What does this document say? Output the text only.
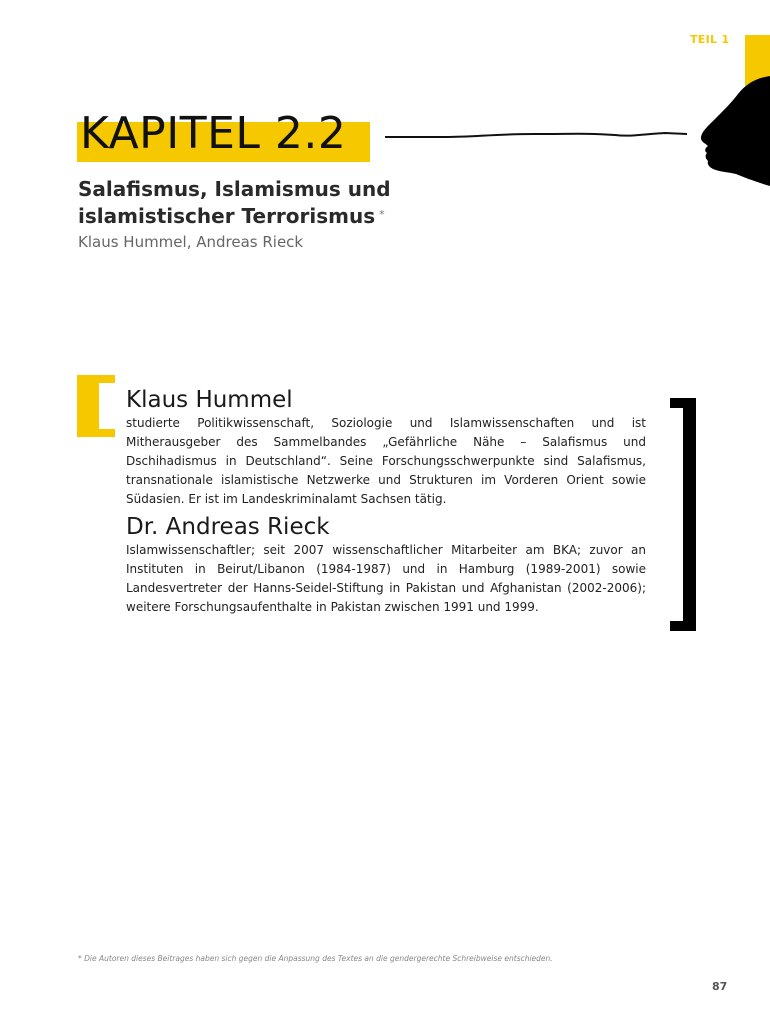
TEIL 1
KAPITEL 2.2
Salafismus, Islamismus und
islamistischer Terrorismus *
Klaus Hummel, Andreas Rieck
Klaus Hummel

studierte Politikwissenschaft, Soziologie und Islamwissenschaften und ist Mitherausgeber des Sammelbandes „Gefährliche Nähe – Salafismus und Dschihadismus in Deutschland“. Seine Forschungsschwerpunkte sind Salafismus, transnationale islamistische Netzwerke und Strukturen im Vorderen Orient sowie Südasien. Er ist im Landeskriminalamt Sachsen tätig.

Dr. Andreas Rieck

Islamwissenschaftler; seit 2007 wissenschaftlicher Mitarbeiter am BKA; zuvor an Instituten in Beirut/Libanon (1984-1987) und in Hamburg (1989-2001) sowie Landesvertreter der Hanns-Seidel-Stiftung in Pakistan und Afghanistan (2002-2006); weitere Forschungsaufenthalte in Pakistan zwischen 1991 und 1999.

* Die Autoren dieses Beitrages haben sich gegen die Anpassung des Textes an die gendergerechte Schreibweise entschieden.
87
